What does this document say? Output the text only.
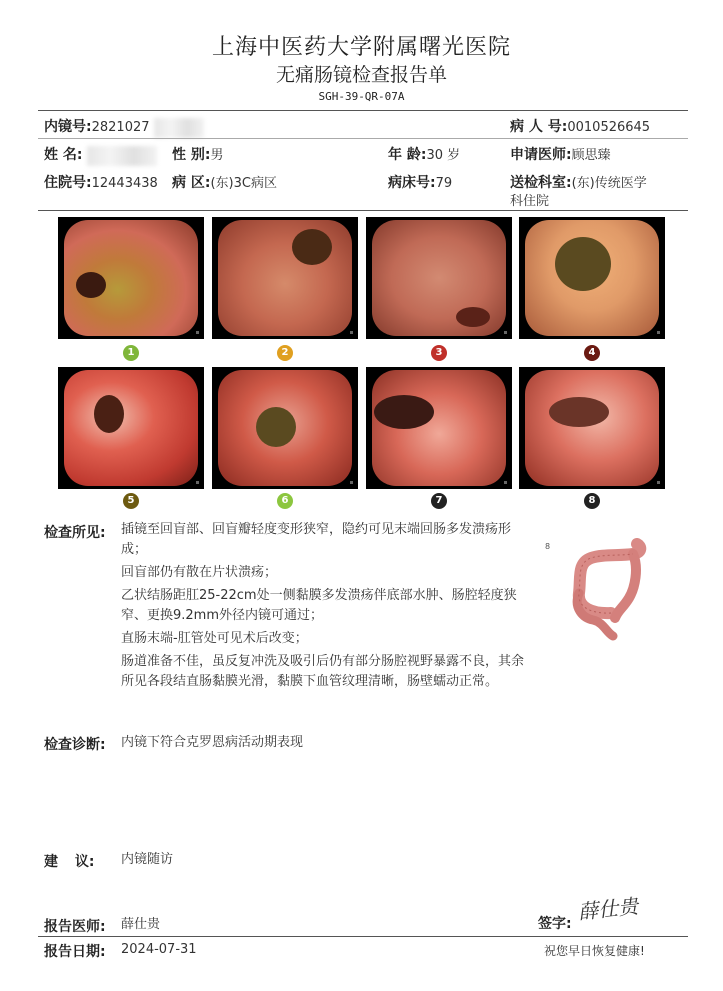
上海中医药大学附属曙光医院
无痛肠镜检查报告单
SGH-39-QR-07A
内镜号:2821027	病 人 号:0010526645
姓 名:	性 别:男	年 龄:30 岁	申请医师:顾思臻
住院号:12443438 病 区:(东)3C病区	病床号:79	送检科室:(东)传统医学
科住院
1	2	3	4
5	6	7	8
检查所见: 插镜至回盲部、回盲瓣轻度变形狭窄，隐约可见末端回肠多发溃疡形成；

回盲部仍有散在片状溃疡；

乙状结肠距肛25-22cm处一侧黏膜多发溃疡伴底部水肿、肠腔轻度狭窄、更换9.2mm外径内镜可通过；

直肠末端-肛管处可见术后改变；

肠道准备不佳，虽反复冲洗及吸引后仍有部分肠腔视野暴露不良，其余所见各段结直肠黏膜光滑，黏膜下血管纹理清晰，肠壁蠕动正常。

8
检查诊断: 内镜下符合克罗恩病活动期表现
建 议: 内镜随访
报告医师: 薛仕贵	签字: 薛仕贵
报告日期: 2024-07-31	祝您早日恢复健康!
